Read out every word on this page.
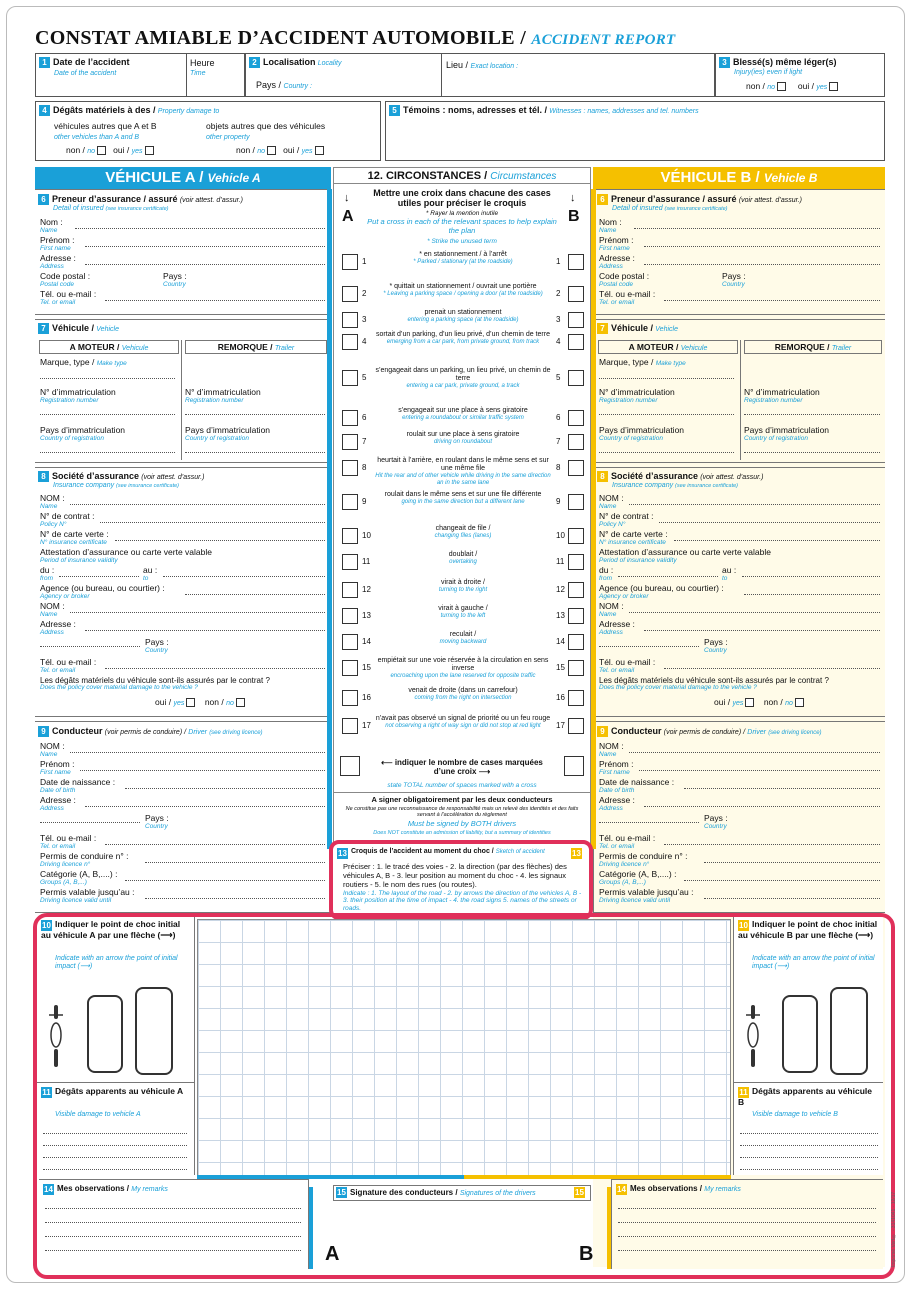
CONSTAT AMIABLE D’ACCIDENT AUTOMOBILE / ACCIDENT REPORT
1 Date de l’accident
Date of the accident
Heure
Time
2 Localisation Locality
Pays / Country :
Lieu / Exact location :	3 Blessé(s) même léger(s)
Injury(ies) even if light
non / no	oui / yes
4 Dégâts matériels à des / Property damage to
véhicules autres que A et B
other vehicles than A and B
objets autres que des véhicules
other property
non / no oui / yes	non / no oui / yes
5 Témoins : noms, adresses et tél. / Witnesses : names, addresses and tel. numbers
VÉHICULE A / Vehicle A
6 Preneur d’assurance / assuré (voir attest. d’assur.)
Detail of insured (see insurance certificate)
Nom :
Name
Prénom :
First name
Adresse :
Address
Code postal :
Postal code
Pays :
Country
Tél. ou e-mail :
Tel. or email
7 Véhicule / Vehicle
A MOTEUR / Vehicule	REMORQUE / Trailer
Marque, type / Make type
N° d’immatriculation
Registration number
N° d’immatriculation
Registration number
Pays d’immatriculation
Country of registration
Pays d’immatriculation
Country of registration
8 Société d’assurance (voir attest. d’assur.)
Insurance company (see insurance certificate)
NOM :
Name
N° de contrat :
Policy N°
N° de carte verte :
N° insurance certificate
Attestation d’assurance ou carte verte valable
Period of insurance validity
du :
from
au :
to
Agence (ou bureau, ou courtier) :
Agency or broker
NOM :
Name
Adresse :
Address
Pays :
Country
Tél. ou e-mail :
Tel. or email
Les dégâts matériels du véhicule sont-ils assurés par le contrat ?
Does the policy cover material damage to the vehicle ?
oui / yes non / no
9 Conducteur (voir permis de conduire) / Driver (see driving licence)
NOM :
Name
Prénom :
First name
Date de naissance :
Date of birth
Adresse :
Address
Pays :
Country
Tél. ou e-mail :
Tel. or email
Permis de conduire n° :
Driving licence n°
Catégorie (A, B,....) :
Groups (A, B,...)
Permis valable jusqu’au :
Driving licence valid until
VÉHICULE B / Vehicle B
6 Preneur d’assurance / assuré (voir attest. d’assur.)
Detail of insured (see insurance certificate)
Nom :
Name
Prénom :
First name
Adresse :
Address
Code postal :
Postal code
Pays :
Country
Tél. ou e-mail :
Tel. or email
7 Véhicule / Vehicle
A MOTEUR / Vehicule	REMORQUE / Trailer
Marque, type / Make type
N° d’immatriculation
Registration number
N° d’immatriculation
Registration number
Pays d’immatriculation
Country of registration
Pays d’immatriculation
Country of registration
8 Société d’assurance (voir attest. d’assur.)
Insurance company (see insurance certificate)
NOM :
Name
N° de contrat :
Policy N°
N° de carte verte :
N° insurance certificate
Attestation d’assurance ou carte verte valable
Period of insurance validity
du :
from
au :
to
Agence (ou bureau, ou courtier) :
Agency or broker
NOM :
Name
Adresse :
Address
Pays :
Country
Tél. ou e-mail :
Tel. or email
Les dégâts matériels du véhicule sont-ils assurés par le contrat ?
Does the policy cover material damage to the vehicle ?
oui / yes non / no
9 Conducteur (voir permis de conduire) / Driver (see driving licence)
NOM :
Name
Prénom :
First name
Date de naissance :
Date of birth
Adresse :
Address
Pays :
Country
Tél. ou e-mail :
Tel. or email
Permis de conduire n° :
Driving licence n°
Catégorie (A, B,....) :
Groups (A, B,...)
Permis valable jusqu’au :
Driving licence valid until
12. CIRCONSTANCES / Circumstances
Mettre une croix dans chacune des cases utiles pour préciser le croquis
* Rayer la mention inutile
Put a cross in each of the relevant spaces to help explain the plan
* Strike the unused term
↓	↓
A	B
1
* en stationnement / à l’arrêt
* Parked / stationary (at the roadside)	1
2
* quittait un stationnement / ouvrait une portière
* Leaving a parking space / opening a door (at the roadside)	2
3
prenait un stationnement
entering a parking space (at the roadside)	3
4
sortait d’un parking, d’un lieu privé, d’un chemin de terre
emerging from a car park, from private ground, from track	4
5
s’engageait dans un parking, un lieu privé, un chemin de terre
entering a car park, private ground, a track
5
6
s’engageait sur une place à sens giratoire
entering a roundabout or similar traffic system	6
7
roulait sur une place à sens giratoire
driving on roundabout	7
8
heurtait à l’arrière, en roulant dans le même sens et sur une même file
Hit the rear and of other vehicle while driving in the same direction an in the same lane
8
9
roulait dans le même sens et sur une file différente
going in the same direction but a different lane	9
10
changeait de file /
changing files (lanes)	10
11
doublait /
overtaking	11
12
virait à droite /
turning to the right	12
13
virait à gauche /
turning to the left	13
14
reculait /
moving backward	14
15
empiétait sur une voie réservée à la circulation en sens inverse
encroaching upon the lane reserved for opposite traffic
15
16
venait de droite (dans un carrefour)
coming from the right on intersection	16
17
n’avait pas observé un signal de priorité ou un feu rouge
not observing a right of way sign or did not stop at red light	17
⟵ indiquer le nombre de cases marquées d’une croix ⟶
state TOTAL number of spaces marked with a cross
A signer obligatoirement par les deux conducteurs
Ne constitue pas une reconnaissance de responsabilité mais un relevé des identités et des faits servant à l’accélération du règlement
Must be signed by BOTH drivers
Does NOT constitute an admission of liability, but a summary of identities
13 Croquis de l’accident au moment du choc / Sketch of accident	13
Préciser : 1. le tracé des voies - 2. la direction (par des flèches) des véhicules A, B - 3. leur position au moment du choc - 4. les signaux routiers - 5. le nom des rues (ou routes).
Indicate : 1. The layout of the road - 2. by arrows the direction of the vehicles A, B - 3. their position at the time of impact - 4. the road signs 5. names of the streets or roads.
10 Indiquer le point de choc initial au véhicule A par une flèche (⟶)
Indicate with an arrow the point of initial impact (⟶)
10 Indiquer le point de choc initial au véhicule B par une flèche (⟶)
Indicate with an arrow the point of initial impact (⟶)
11 Dégâts apparents au véhicule A
Visible damage to vehicle A
11 Dégâts apparents au véhicule B
Visible damage to vehicle B
14 Mes observations / My remarks	14 Mes observations / My remarks
15 Signature des conducteurs / Signatures of the drivers	15
A	B	Imprimé Vert® - 3141041 - 12/17
